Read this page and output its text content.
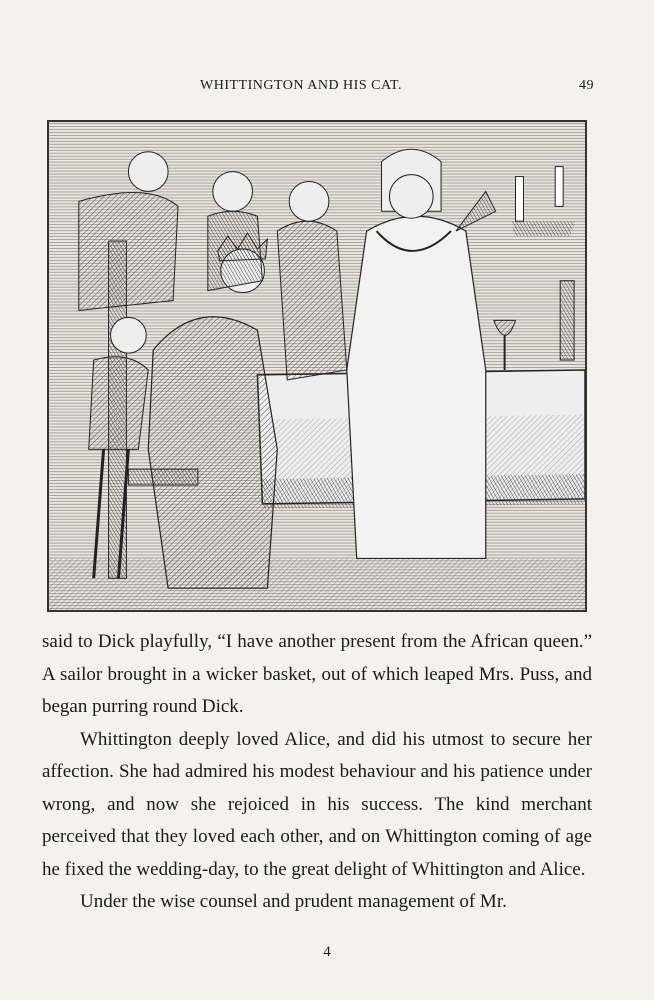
WHITTINGTON AND HIS CAT.	49

said to Dick playfully, “I have another present from the African queen.” A sailor brought in a wicker basket, out of which leaped Mrs. Puss, and began purring round Dick.

Whittington deeply loved Alice, and did his utmost to secure her affection. She had admired his modest behaviour and his patience under wrong, and now she rejoiced in his success. The kind merchant perceived that they loved each other, and on Whittington coming of age he fixed the wedding-day, to the great delight of Whittington and Alice.

Under the wise counsel and prudent management of Mr.

4
